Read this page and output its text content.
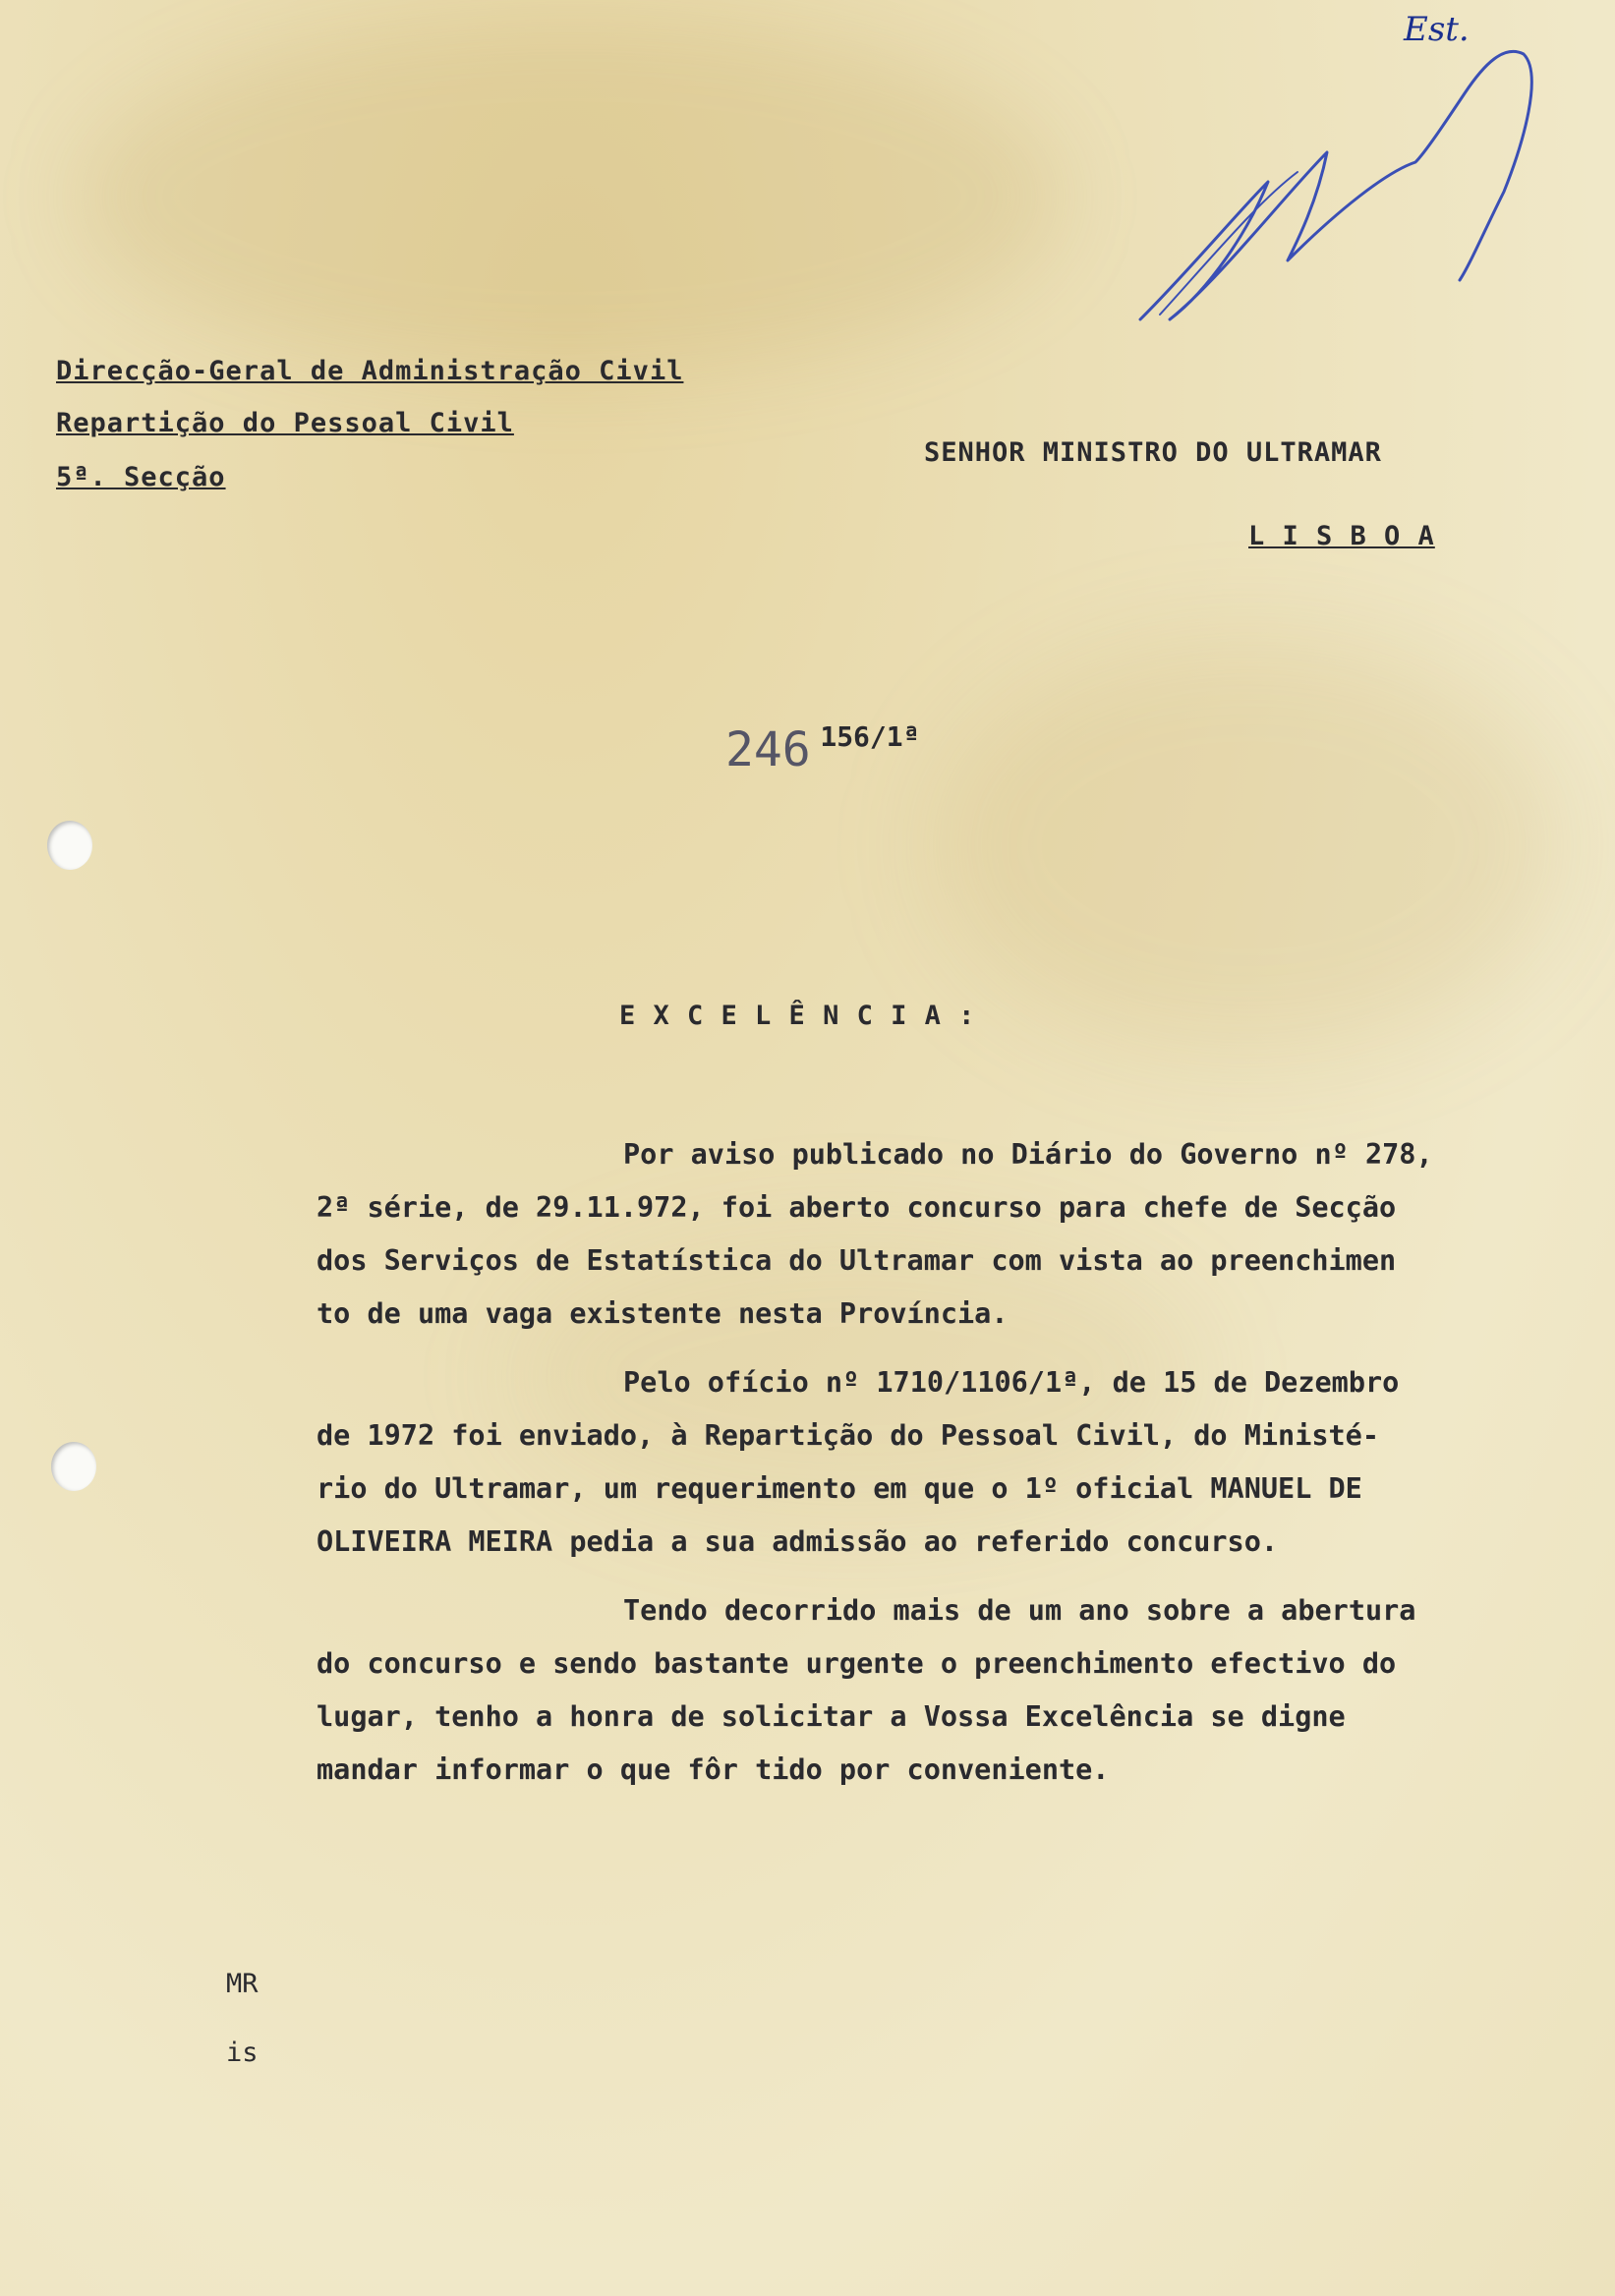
Est.
Direcção-Geral de Administração Civil
Repartição do Pessoal Civil
5ª. Secção
SENHOR MINISTRO DO ULTRAMAR
L I S B O A
246 156/1ª
E X C E L Ê N C I A :
Por aviso publicado no Diário do Governo nº 278,
2ª série, de 29.11.972, foi aberto concurso para chefe de Secção
dos Serviços de Estatística do Ultramar com vista ao preenchimen
to de uma vaga existente nesta Província.
Pelo ofício nº 1710/1106/1ª, de 15 de Dezembro
de 1972 foi enviado, à Repartição do Pessoal Civil, do Ministé-
rio do Ultramar, um requerimento em que o 1º oficial MANUEL DE
OLIVEIRA MEIRA pedia a sua admissão ao referido concurso.
Tendo decorrido mais de um ano sobre a abertura
do concurso e sendo bastante urgente o preenchimento efectivo do
lugar, tenho a honra de solicitar a Vossa Excelência se digne
mandar informar o que fôr tido por conveniente.
MR
is
